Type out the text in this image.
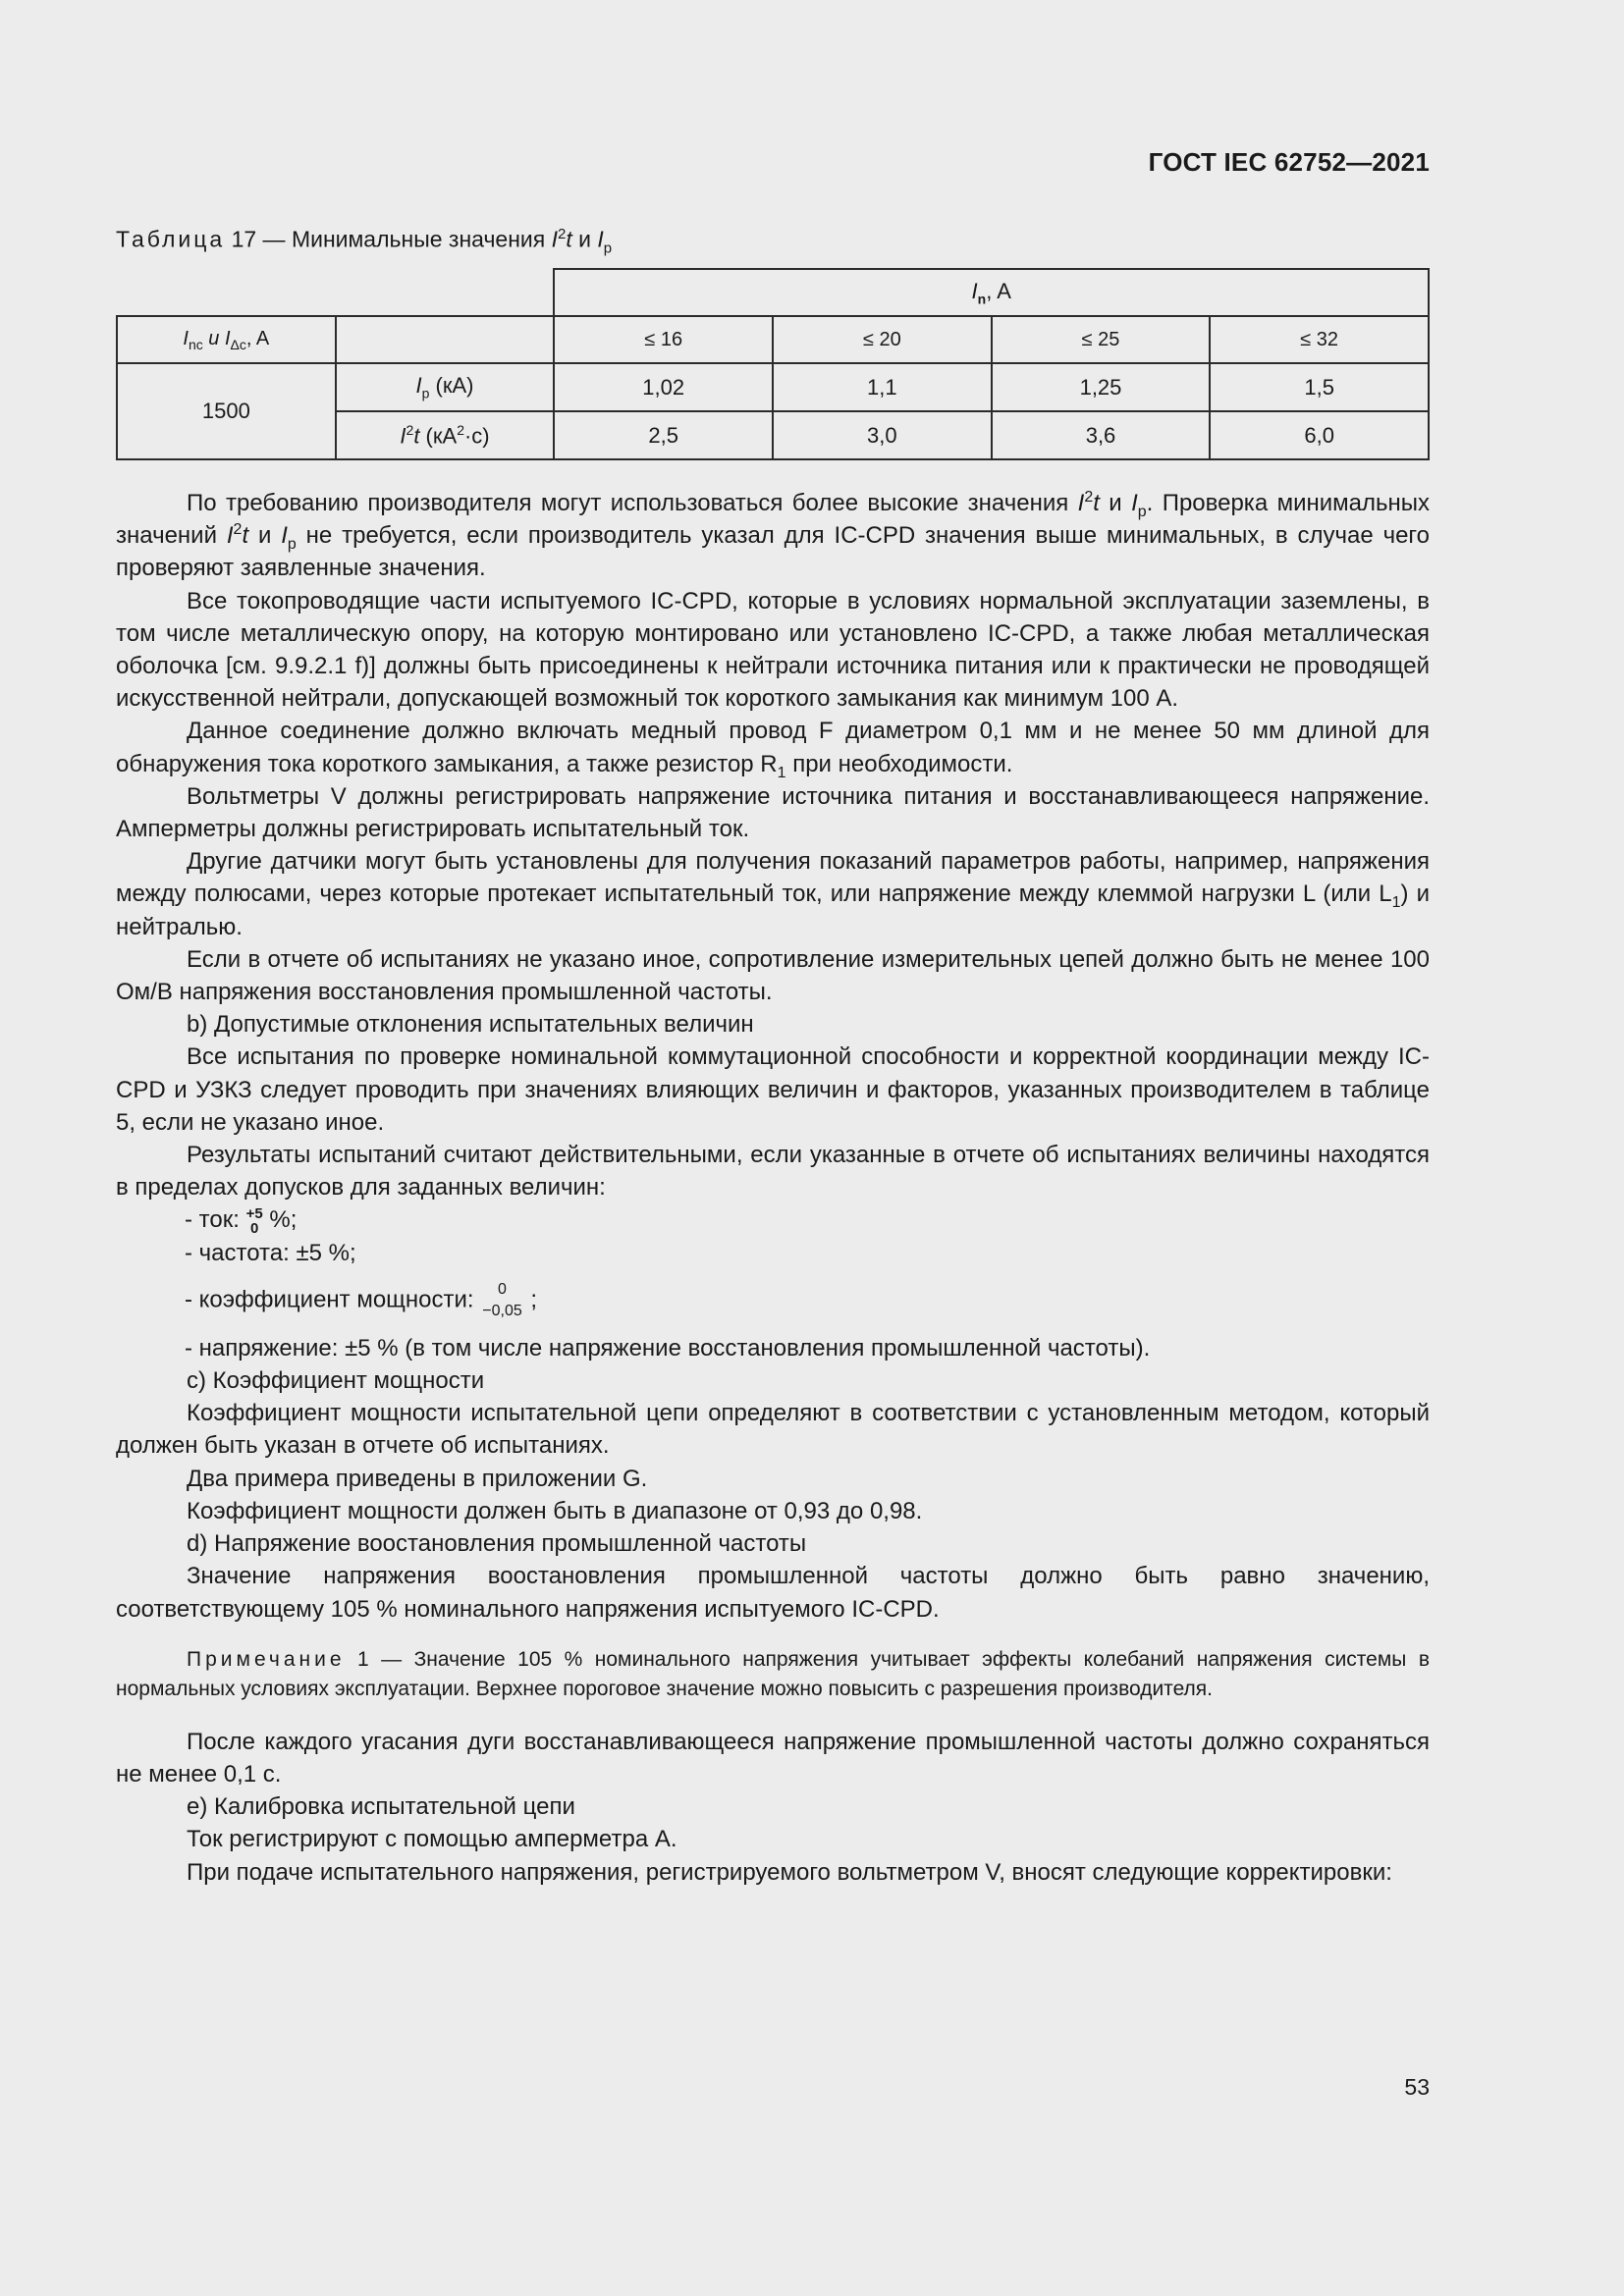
ГОСТ IEC 62752—2021
Таблица 17 — Минимальные значения $I^2t$ и $I_p$
		$I_n$, A			
$I_{nc}$ и $I_{\Delta c}$, A		≤ 16	≤ 20	≤ 25	≤ 32
1500	$I_p$ (кА)	1,02	1,1	1,25	1,5
	$I^2t$ $(кА^2\cdot с)$	2,5	3,0	3,6	6,0

По требованию производителя могут использоваться более высокие значения $I^2t$ и $I_p$. Проверка минимальных значений $I^2t$ и $I_p$ не требуется, если производитель указал для IC-CPD значения выше минимальных, в случае чего проверяют заявленные значения.

Все токопроводящие части испытуемого IC-CPD, которые в условиях нормальной эксплуатации заземлены, в том числе металлическую опору, на которую монтировано или установлено IC-CPD, а также любая металлическая оболочка [см. 9.9.2.1 f)] должны быть присоединены к нейтрали источника питания или к практически не проводящей искусственной нейтрали, допускающей возможный ток короткого замыкания как минимум 100 А.

Данное соединение должно включать медный провод F диаметром 0,1 мм и не менее 50 мм длиной для обнаружения тока короткого замыкания, а также резистор $R_1$ при необходимости.

Вольтметры V должны регистрировать напряжение источника питания и восстанавливающееся напряжение. Амперметры должны регистрировать испытательный ток.

Другие датчики могут быть установлены для получения показаний параметров работы, например, напряжения между полюсами, через которые протекает испытательный ток, или напряжение между клеммой нагрузки L (или $L_1$) и нейтралью.

Если в отчете об испытаниях не указано иное, сопротивление измерительных цепей должно быть не менее 100 Ом/В напряжения восстановления промышленной частоты.

b) Допустимые отклонения испытательных величин

Все испытания по проверке номинальной коммутационной способности и корректной координации между IC-CPD и УЗКЗ следует проводить при значениях влияющих величин и факторов, указанных производителем в таблице 5, если не указано иное.

Результаты испытаний считают действительными, если указанные в отчете об испытаниях величины находятся в пределах допусков для заданных величин:

- ток: +5
0 %;

- частота: ±5 %;

- коэффициент мощности: 0
−0,05 ;

- напряжение: ±5 % (в том числе напряжение восстановления промышленной частоты).

c) Коэффициент мощности

Коэффициент мощности испытательной цепи определяют в соответствии с установленным методом, который должен быть указан в отчете об испытаниях.

Два примера приведены в приложении G.

Коэффициент мощности должен быть в диапазоне от 0,93 до 0,98.

d) Напряжение воостановления промышленной частоты

Значение напряжения воостановления промышленной частоты должно быть равно значению, соответствующему 105 % номинального напряжения испытуемого IC-CPD.

Примечание 1 — Значение 105 % номинального напряжения учитывает эффекты колебаний напряжения системы в нормальных условиях эксплуатации. Верхнее пороговое значение можно повысить с разрешения производителя.

После каждого угасания дуги восстанавливающееся напряжение промышленной частоты должно сохраняться не менее 0,1 с.

e) Калибровка испытательной цепи

Ток регистрируют с помощью амперметра A.

При подаче испытательного напряжения, регистрируемого вольтметром V, вносят следующие корректировки:

53
